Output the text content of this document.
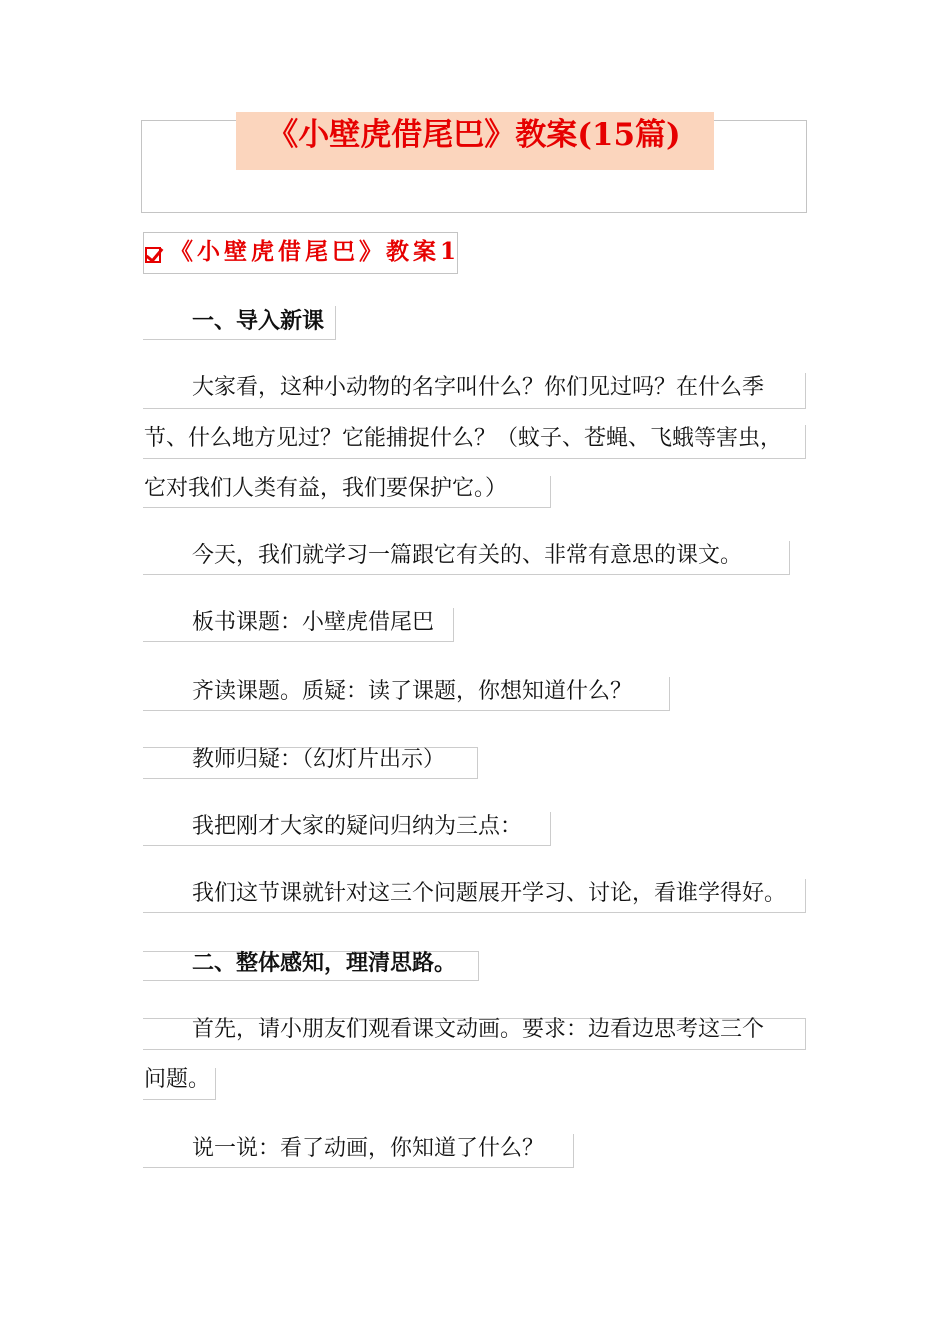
《小壁虎借尾巴》教案(15篇)
《小壁虎借尾巴》教案1
一、导入新课
大家看，这种小动物的名字叫什么？你们见过吗？在什么季
节、什么地方见过？它能捕捉什么？（蚊子、苍蝇、飞蛾等害虫，
它对我们人类有益，我们要保护它。）
今天，我们就学习一篇跟它有关的、非常有意思的课文。
板书课题：小壁虎借尾巴
齐读课题。质疑：读了课题，你想知道什么？
教师归疑：（幻灯片出示）
我把刚才大家的疑问归纳为三点：
我们这节课就针对这三个问题展开学习、讨论，看谁学得好。
二、整体感知，理清思路。
首先，请小朋友们观看课文动画。要求：边看边思考这三个
问题。
说一说：看了动画，你知道了什么？
